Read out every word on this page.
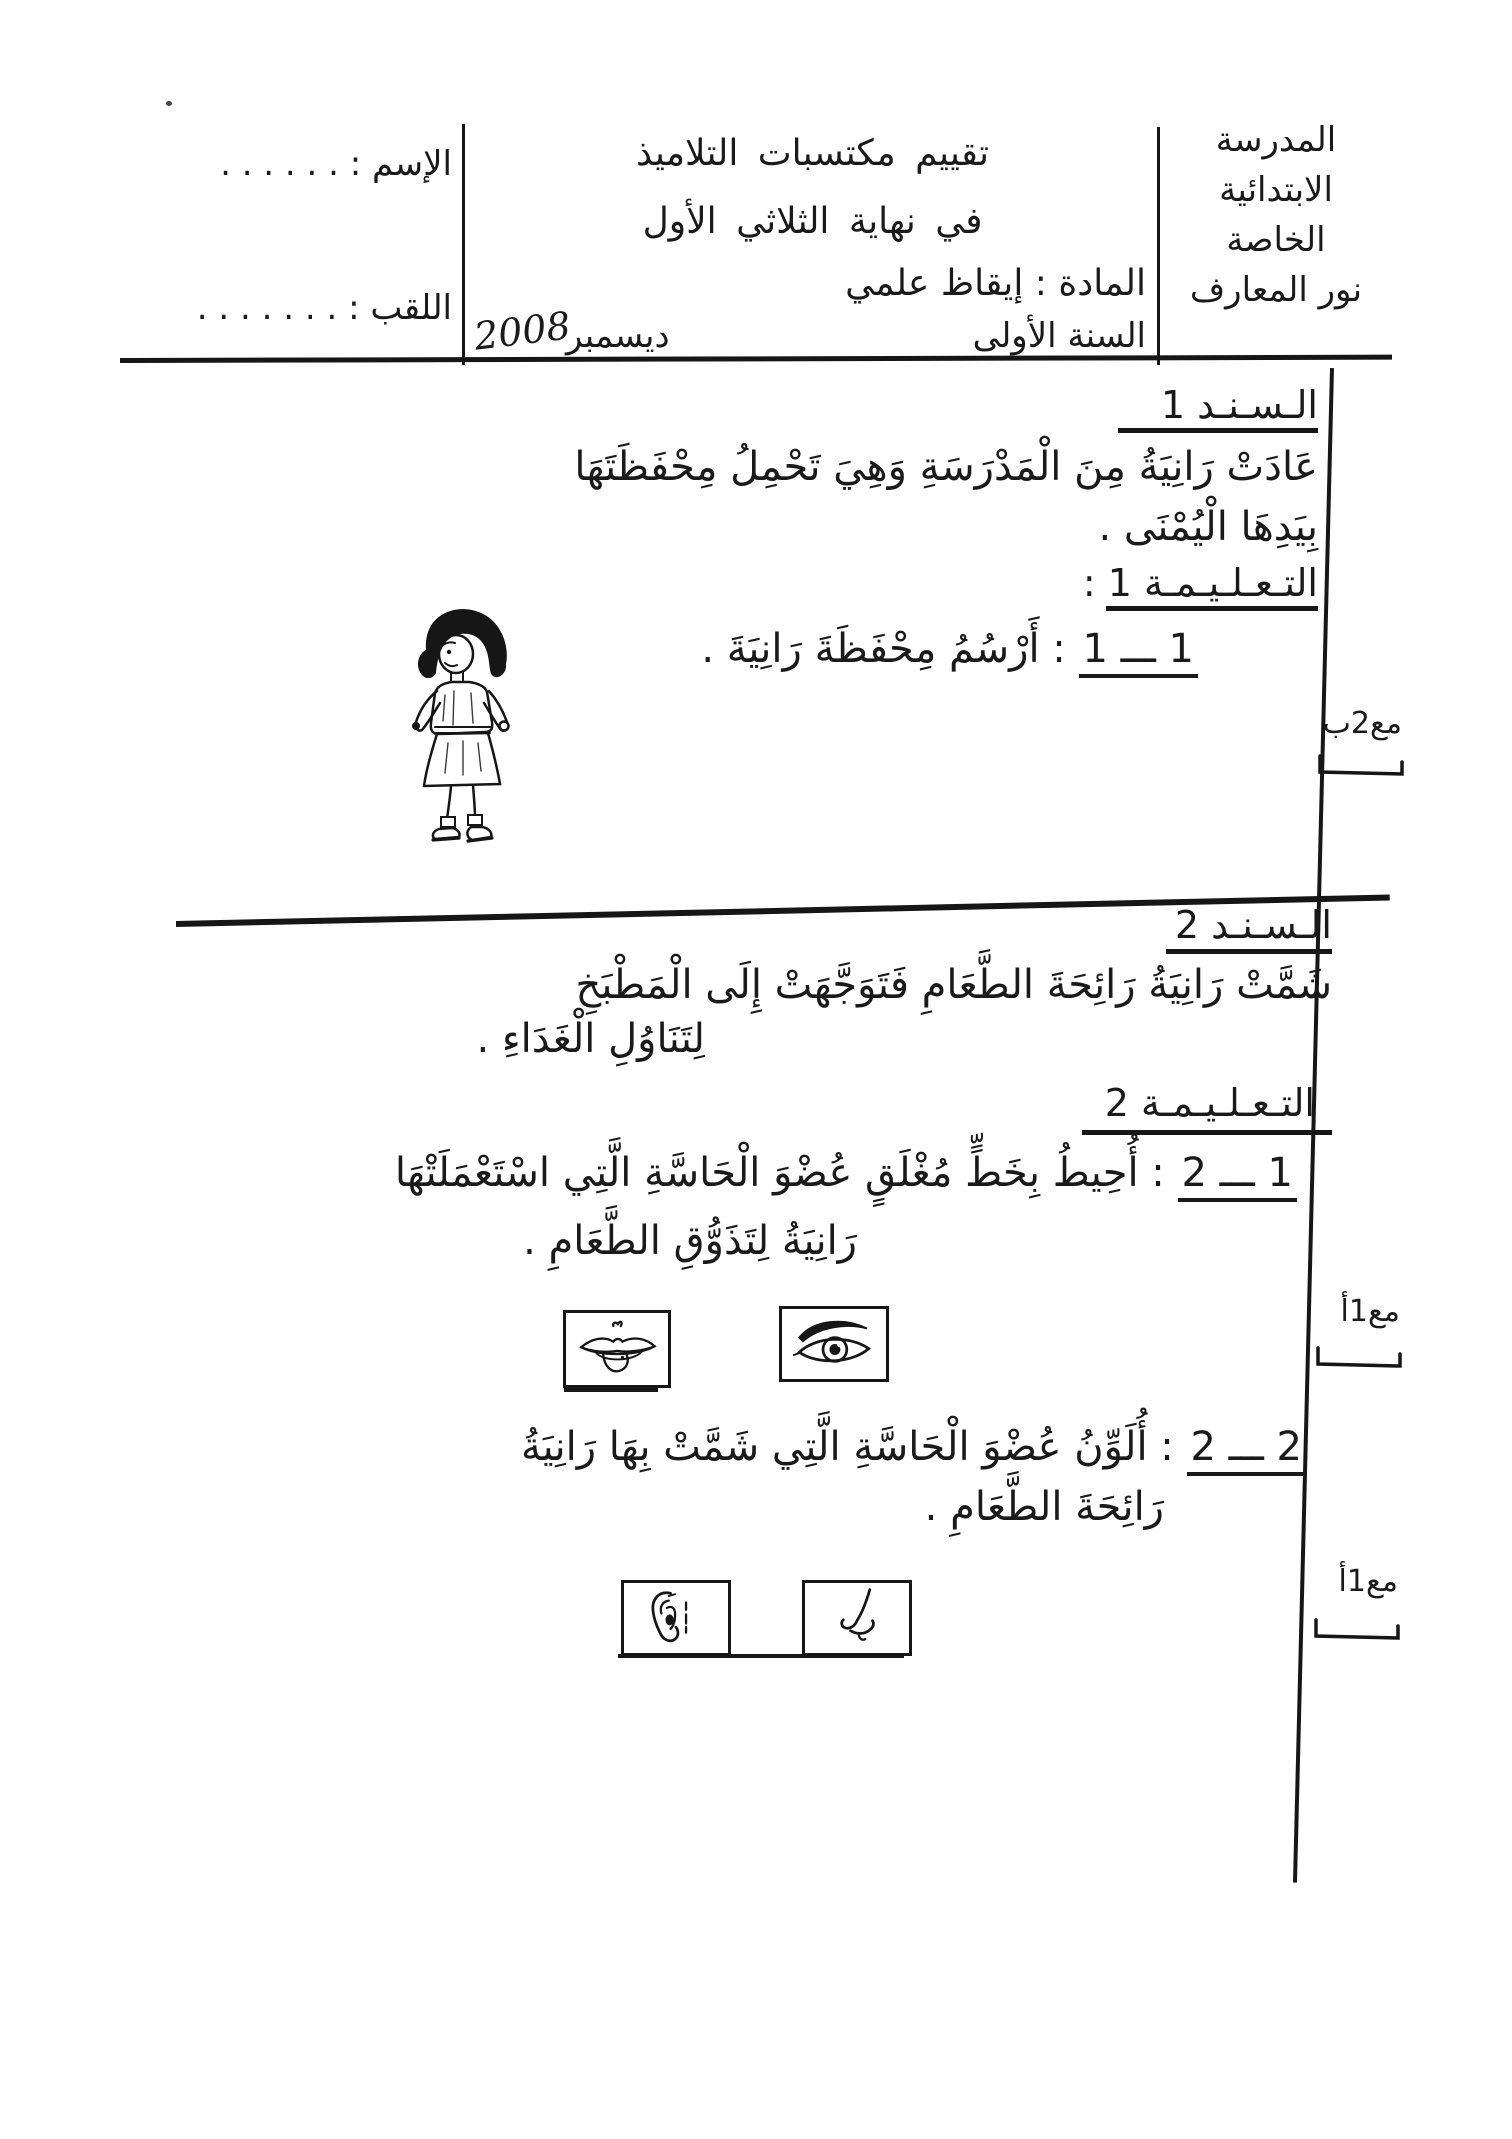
المدرسة
الابتدائية
الخاصة
نور المعارف
تقييم مكتسبات التلاميذ
في نهاية الثلاثي الأول
المادة : إيقاظ علمي
السنة الأولى
ديسمبر
2008
الإسم : . . . . . .
اللقب : . . . . . . .
الـسـنـد 1
عَادَتْ رَانِيَةُ مِنَ الْمَدْرَسَةِ وَهِيَ تَحْمِلُ مِحْفَظَتَهَا
بِيَدِهَا الْيُمْنَى .
التـعـلـيـمـة 1 :
1 ـــ 1 : أَرْسُمُ مِحْفَظَةَ رَانِيَةَ .
مع2ب
الـسـنـد 2
شَمَّتْ رَانِيَةُ رَائِحَةَ الطَّعَامِ فَتَوَجَّهَتْ إِلَى الْمَطْبَخِ
لِتَنَاوُلِ الْغَدَاءِ .
التـعـلـيـمـة 2
1 ـــ 2 : أُحِيطُ بِخَطٍّ مُغْلَقٍ عُضْوَ الْحَاسَّةِ الَّتِي اسْتَعْمَلَتْهَا
رَانِيَةُ لِتَذَوُّقِ الطَّعَامِ .
مع1أ
2 ـــ 2 : أُلَوِّنُ عُضْوَ الْحَاسَّةِ الَّتِي شَمَّتْ بِهَا رَانِيَةُ
رَائِحَةَ الطَّعَامِ .
مع1أ
